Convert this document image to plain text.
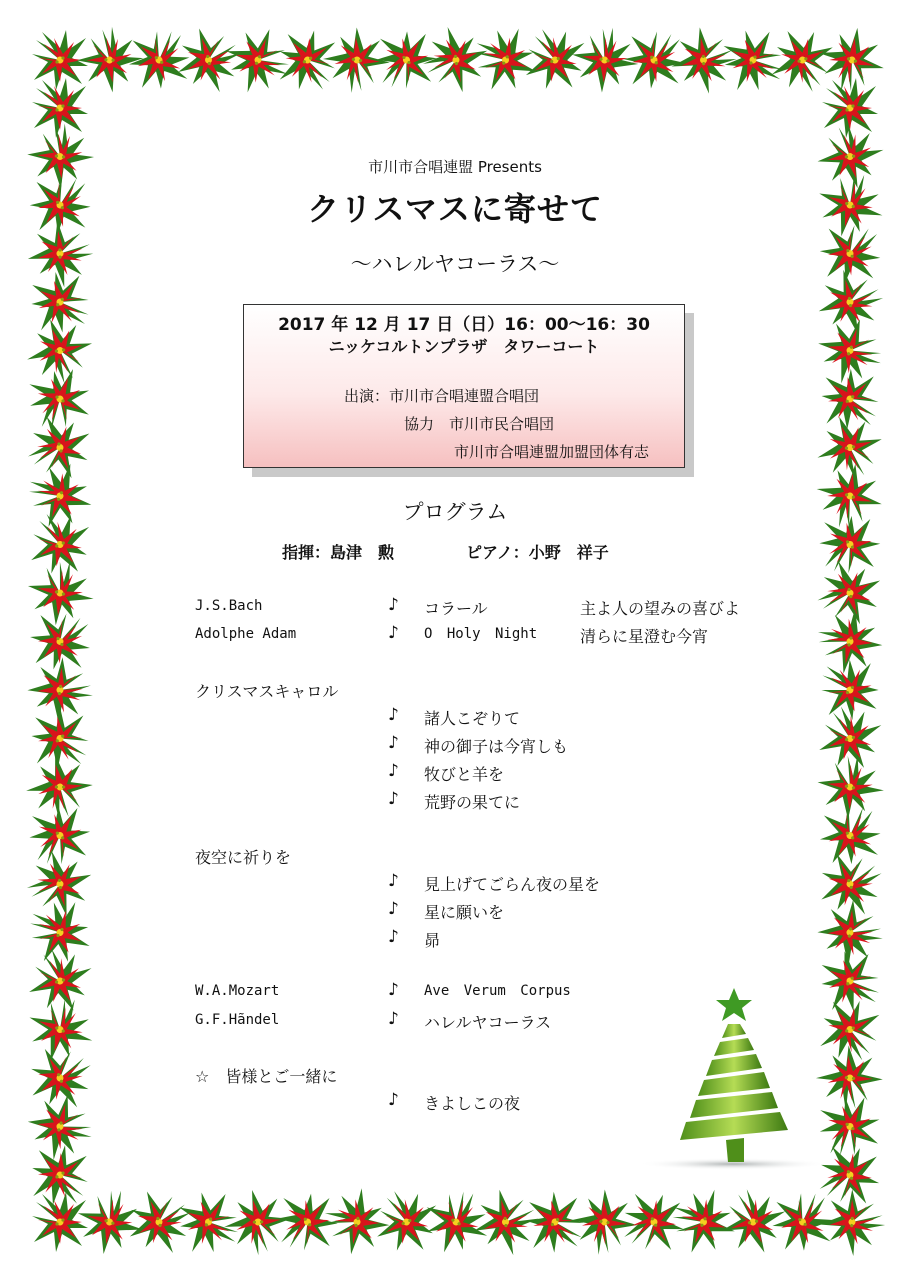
市川市合唱連盟 Presents
クリスマスに寄せて
～ハレルヤコーラス～
2017 年 12 月 17 日（日）16：00～16：30
ニッケコルトンプラザ　タワーコート
出演：市川市合唱連盟合唱団
協力　市川市民合唱団
市川市合唱連盟加盟団体有志
プログラム
指揮：島津　勲	ピアノ：小野　祥子
J.S.Bach	♪ コラール	主よ人の望みの喜びよ
Adolphe Adam	♪ O Holy Night	清らに星澄む今宵
クリスマスキャロル
♪ 諸人こぞりて
♪ 神の御子は今宵しも
♪ 牧びと羊を
♪ 荒野の果てに
夜空に祈りを
♪ 見上げてごらん夜の星を
♪ 星に願いを
♪ 昴
W.A.Mozart	♪ Ave Verum Corpus
G.F.Hãndel	♪ ハレルヤコーラス
☆　皆様とご一緒に
♪ きよしこの夜
